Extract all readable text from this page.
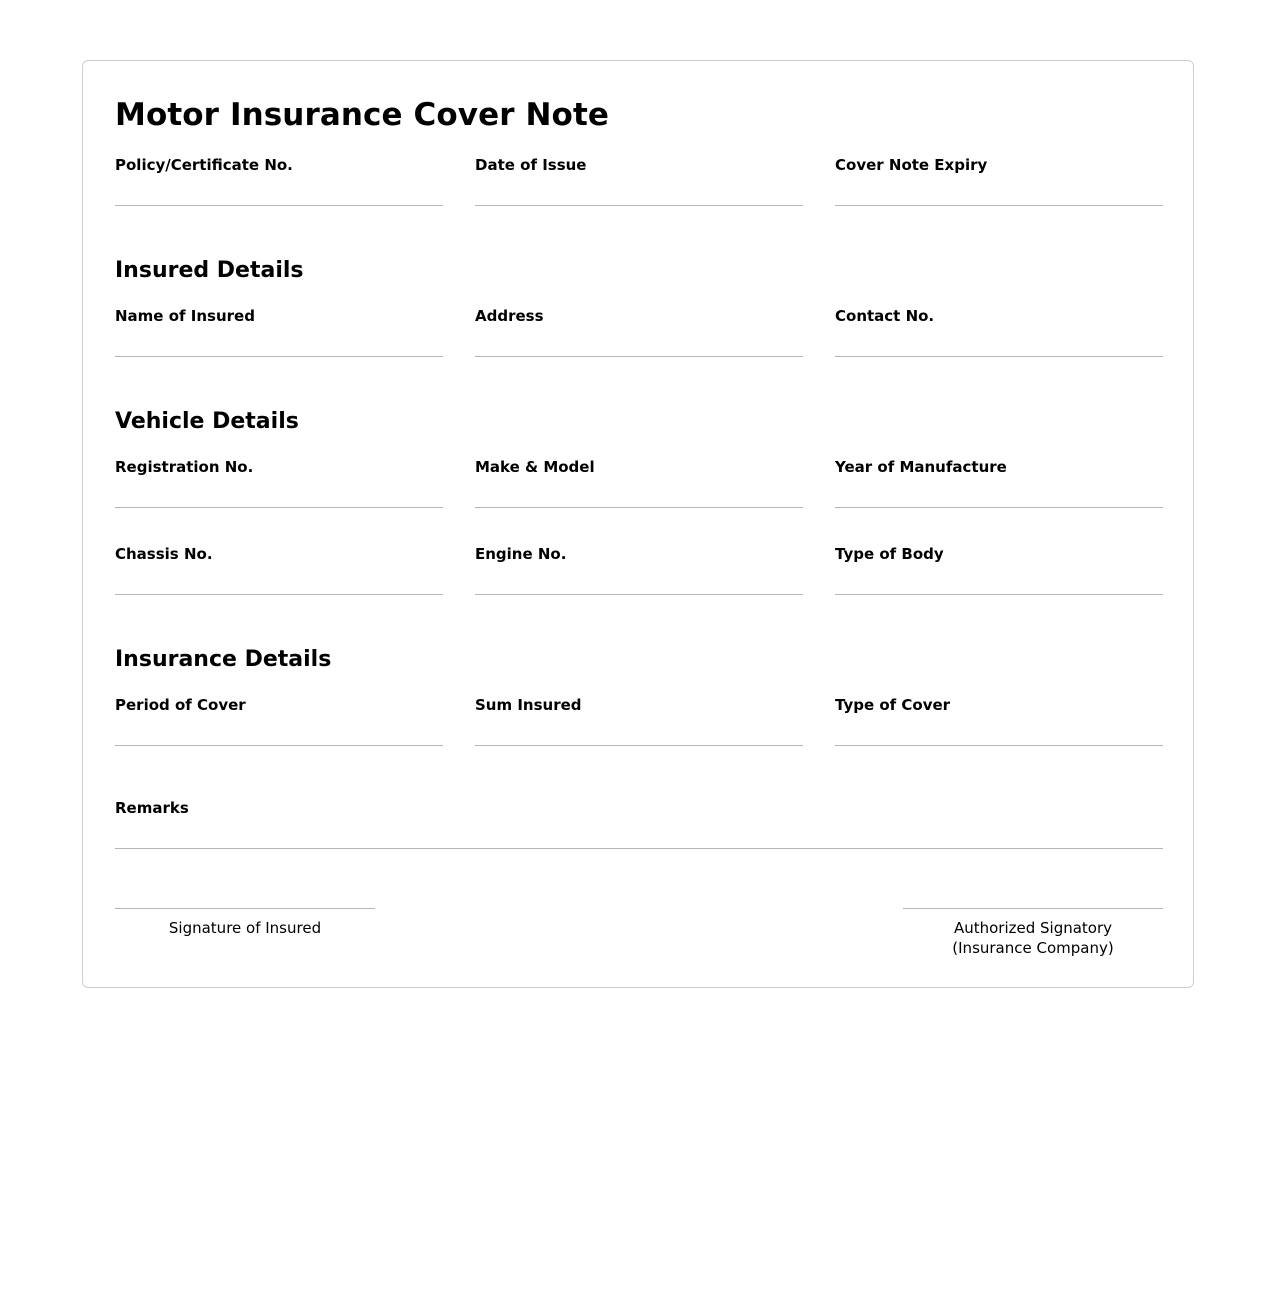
Motor Insurance Cover Note
Policy/Certificate No.	Date of Issue	Cover Note Expiry
Insured Details
Name of Insured	Address	Contact No.
Vehicle Details
Registration No.	Make & Model	Year of Manufacture
Chassis No.	Engine No.	Type of Body
Insurance Details
Period of Cover	Sum Insured	Type of Cover
Remarks
Signature of Insured	Authorized Signatory
(Insurance Company)
